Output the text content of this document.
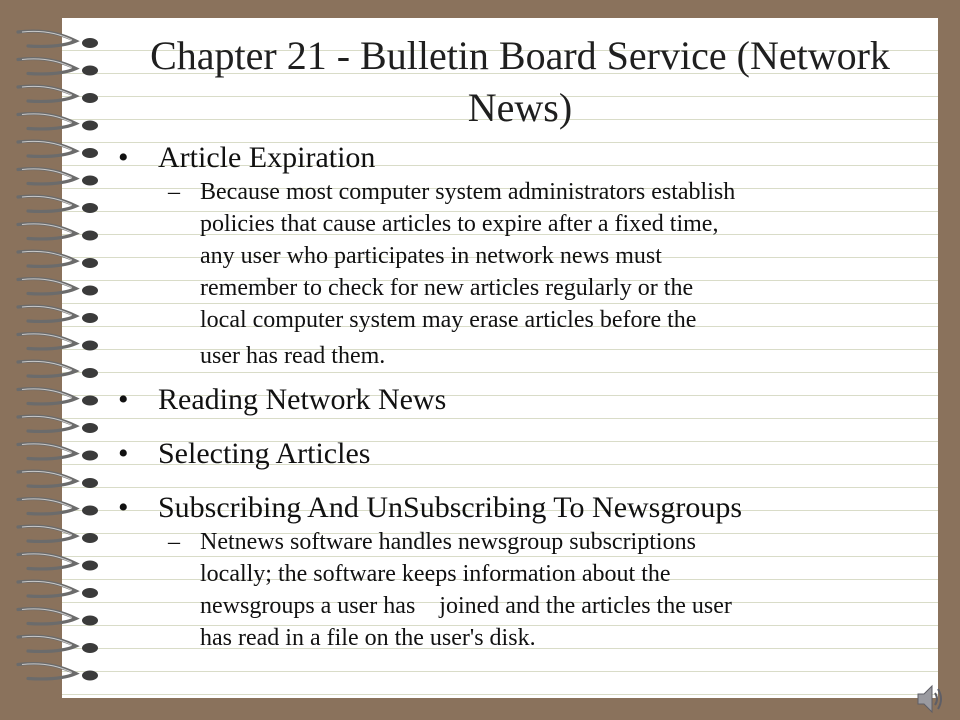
Chapter 21 - Bulletin Board Service (Network News)
• Article Expiration
– Because most computer system administrators establish
policies that cause articles to expire after a fixed time,
any user who participates in network news must
remember to check for new articles regularly or the
local computer system may erase articles before the
user has read them.
• Reading Network News
• Selecting Articles
• Subscribing And UnSubscribing To Newsgroups
– Netnews software handles newsgroup subscriptions
locally; the software keeps information about the
newsgroups a user has    joined and the articles the user
has read in a file on the user's disk.
